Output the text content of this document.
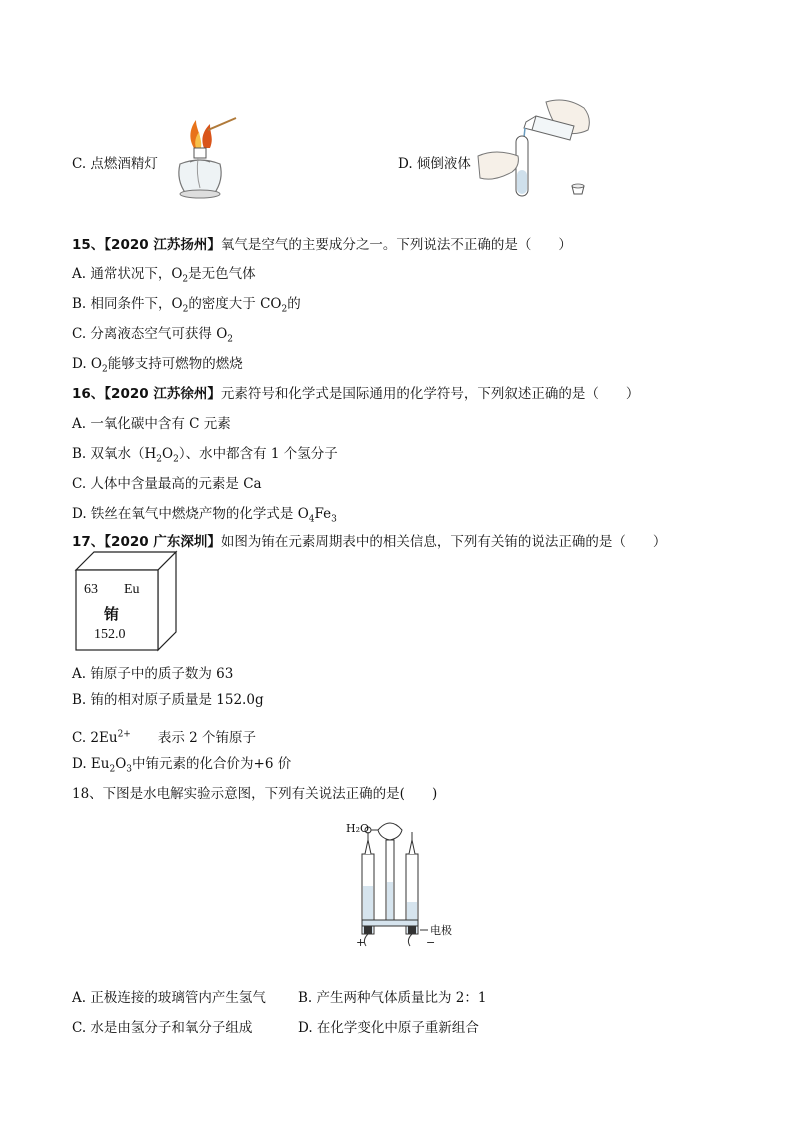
C. 点燃酒精灯	D. 倾倒液体
15、【2020 江苏扬州】氧气是空气的主要成分之一。下列说法不正确的是（　　）
A. 通常状况下，$O_2$是无色气体
B. 相同条件下，$O_2$的密度大于 $CO_2$的
C. 分离液态空气可获得 $O_2$
D. $O_2$能够支持可燃物的燃烧
16、【2020 江苏徐州】元素符号和化学式是国际通用的化学符号，下列叙述正确的是（　　）
A. 一氧化碳中含有 C 元素
B. 双氧水$(H_2O_2)$、水中都含有 1 个氢分子
C. 人体中含量最高的元素是 Ca
D. 铁丝在氧气中燃烧产物的化学式是 $O_4Fe_3$
17、【2020 广东深圳】如图为铕在元素周期表中的相关信息，下列有关铕的说法正确的是（　　）
63 Eu
铕
152.0
A. 铕原子中的质子数为 63
B. 铕的相对原子质量是 152.0g
C. $2Eu^{2+}$　　表示 2 个铕原子
D. $Eu_2O_3$中铕元素的化合价为+6 价
18、下图是水电解实验示意图，下列有关说法正确的是(　　)
H₂O
电极
+	−
A. 正极连接的玻璃管内产生氢气 B. 产生两种气体质量比为 2：1
C. 水是由氢分子和氧分子组成	D. 在化学变化中原子重新组合
